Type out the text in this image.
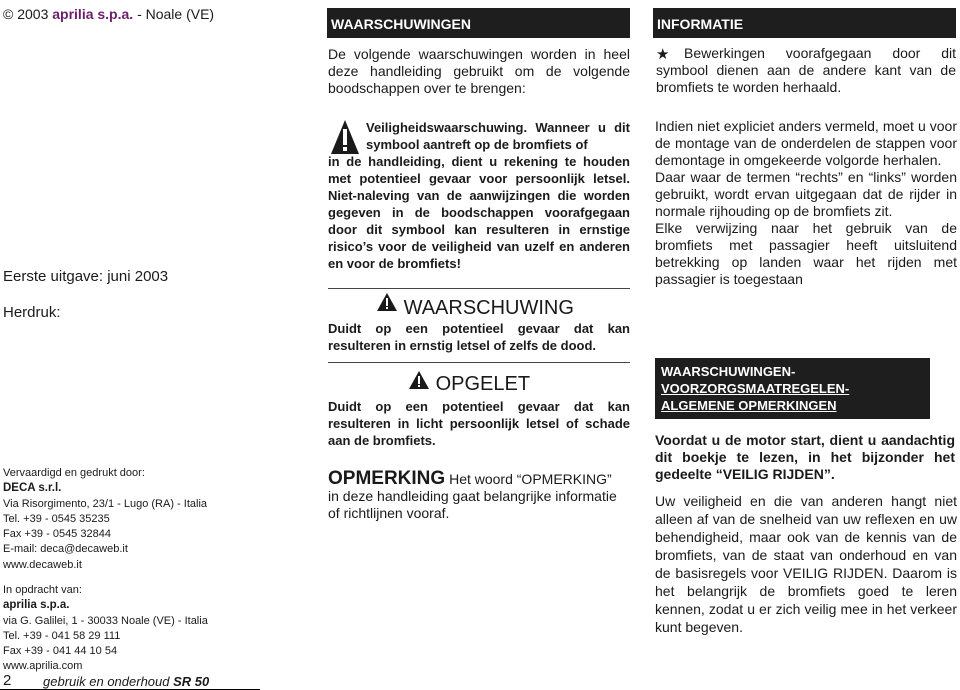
© 2003 aprilia s.p.a. - Noale (VE)
Eerste uitgave: juni 2003
Herdruk:
Vervaardigd en gedrukt door:
DECA s.r.l.
Via Risorgimento, 23/1 - Lugo (RA) - Italia
Tel. +39 - 0545 35235
Fax +39 - 0545 32844
E-mail: deca@decaweb.it
www.decaweb.it
In opdracht van:
aprilia s.p.a.
via G. Galilei, 1 - 30033 Noale (VE) - Italia
Tel. +39 - 041 58 29 111
Fax +39 - 041 44 10 54
www.aprilia.com
2 gebruik en onderhoud SR 50
WAARSCHUWINGEN
De volgende waarschuwingen worden in heel deze handleiding gebruikt om de volgende boodschappen over te brengen:
Veiligheidswaarschuwing. Wanneer u dit symbool aantreft op de bromfiets of
in de handleiding, dient u rekening te houden met potentieel gevaar voor persoonlijk letsel. Niet-naleving van de aanwijzingen die worden gegeven in de boodschappen voorafgegaan door dit symbool kan resulteren in ernstige risico’s voor de veiligheid van uzelf en anderen en voor de bromfiets!
WAARSCHUWING
Duidt op een potentieel gevaar dat kan resulteren in ernstig letsel of zelfs de dood.
OPGELET
Duidt op een potentieel gevaar dat kan resulteren in licht persoonlijk letsel of schade aan de bromfiets.
OPMERKING Het woord “OPMERKING”
in deze handleiding gaat belangrijke informatie of richtlijnen vooraf.
INFORMATIE
★	Bewerkingen voorafgegaan door dit symbool dienen aan de andere kant van de bromfiets te worden herhaald.

Indien niet expliciet anders vermeld, moet u voor de montage van de onderdelen de stappen voor demontage in omgekeerde volgorde herhalen.

Daar waar de termen “rechts” en “links” worden gebruikt, wordt ervan uitgegaan dat de rijder in normale rijhouding op de bromfiets zit.

Elke verwijzing naar het gebruik van de bromfiets met passagier heeft uitsluitend betrekking op landen waar het rijden met passagier is toegestaan

WAARSCHUWINGEN-
VOORZORGSMAATREGELEN-
ALGEMENE OPMERKINGEN
Voordat u de motor start, dient u aandachtig dit boekje te lezen, in het bijzonder het gedeelte “VEILIG RIJDEN”.
Uw veiligheid en die van anderen hangt niet alleen af van de snelheid van uw reflexen en uw behendigheid, maar ook van de kennis van de bromfiets, van de staat van onderhoud en van de basisregels voor VEILIG RIJDEN. Daarom is het belangrijk de bromfiets goed te leren kennen, zodat u er zich veilig mee in het verkeer kunt begeven.
